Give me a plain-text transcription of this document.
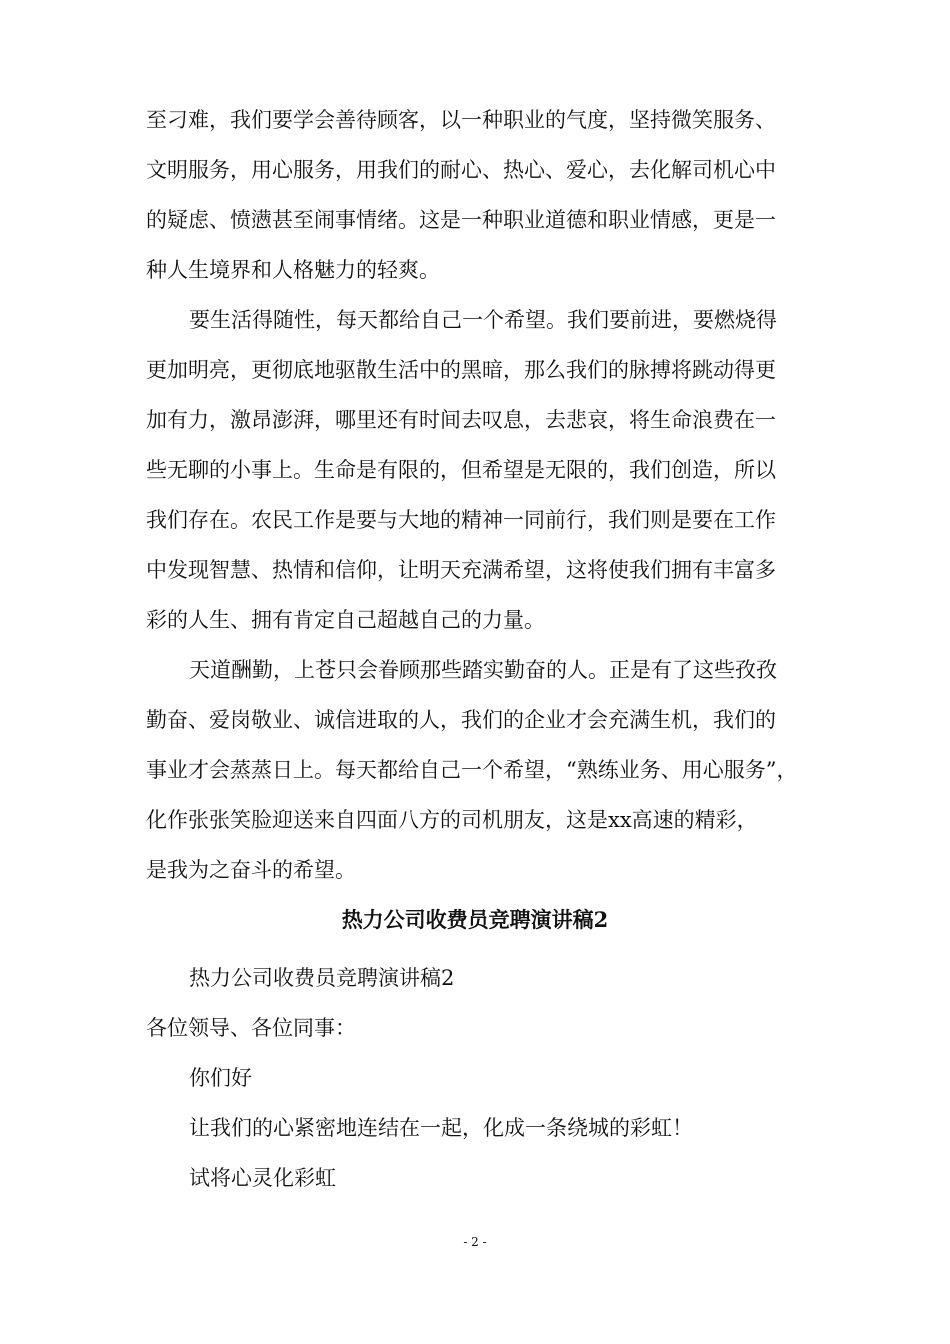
至刁难，我们要学会善待顾客，以一种职业的气度，坚持微笑服务、
文明服务，用心服务，用我们的耐心、热心、爱心，去化解司机心中
的疑虑、愤懑甚至闹事情绪。这是一种职业道德和职业情感，更是一
种人生境界和人格魅力的轻爽。
要生活得随性，每天都给自己一个希望。我们要前进，要燃烧得
更加明亮，更彻底地驱散生活中的黑暗，那么我们的脉搏将跳动得更
加有力，激昂澎湃，哪里还有时间去叹息，去悲哀，将生命浪费在一
些无聊的小事上。生命是有限的，但希望是无限的，我们创造，所以
我们存在。农民工作是要与大地的精神一同前行，我们则是要在工作
中发现智慧、热情和信仰，让明天充满希望，这将使我们拥有丰富多
彩的人生、拥有肯定自己超越自己的力量。
天道酬勤，上苍只会眷顾那些踏实勤奋的人。正是有了这些孜孜
勤奋、爱岗敬业、诚信进取的人，我们的企业才会充满生机，我们的
事业才会蒸蒸日上。每天都给自己一个希望，“熟练业务、用心服务”，
化作张张笑脸迎送来自四面八方的司机朋友，这是xx高速的精彩，
是我为之奋斗的希望。
热力公司收费员竞聘演讲稿2
热力公司收费员竞聘演讲稿2
各位领导、各位同事：
你们好
让我们的心紧密地连结在一起，化成一条绕城的彩虹！
试将心灵化彩虹
- 2 -
